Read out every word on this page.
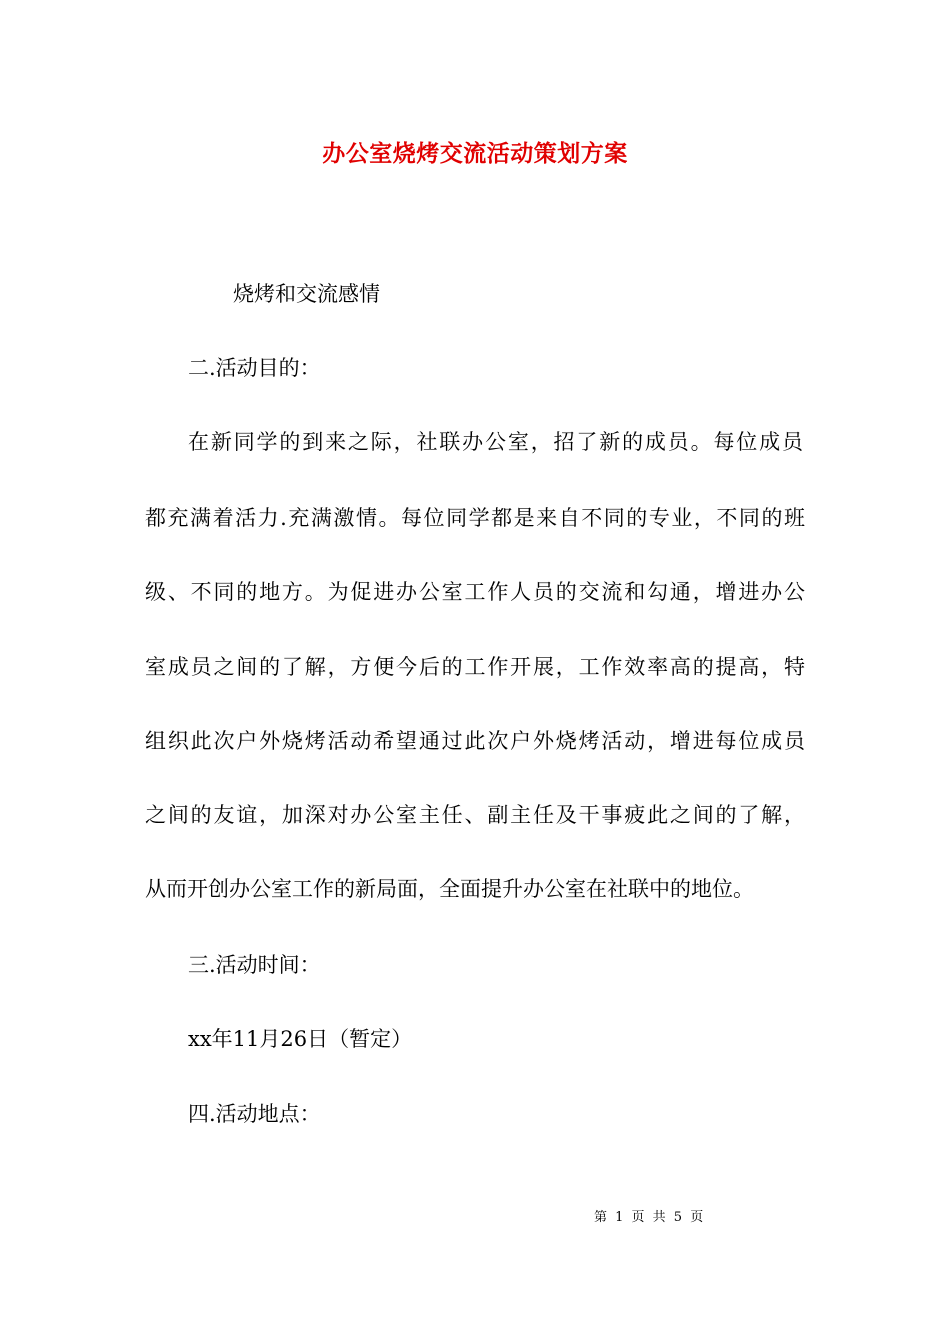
办公室烧烤交流活动策划方案
烧烤和交流感情
二.活动目的：
在新同学的到来之际，社联办公室，招了新的成员。每位成员
都充满着活力.充满激情。每位同学都是来自不同的专业，不同的班
级、不同的地方。为促进办公室工作人员的交流和勾通，增进办公
室成员之间的了解，方便今后的工作开展，工作效率高的提高，特
组织此次户外烧烤活动希望通过此次户外烧烤活动，增进每位成员
之间的友谊，加深对办公室主任、副主任及干事疲此之间的了解，
从而开创办公室工作的新局面，全面提升办公室在社联中的地位。
三.活动时间：
xx年11月26日（暂定）
四.活动地点：
第 1 页 共 5 页
